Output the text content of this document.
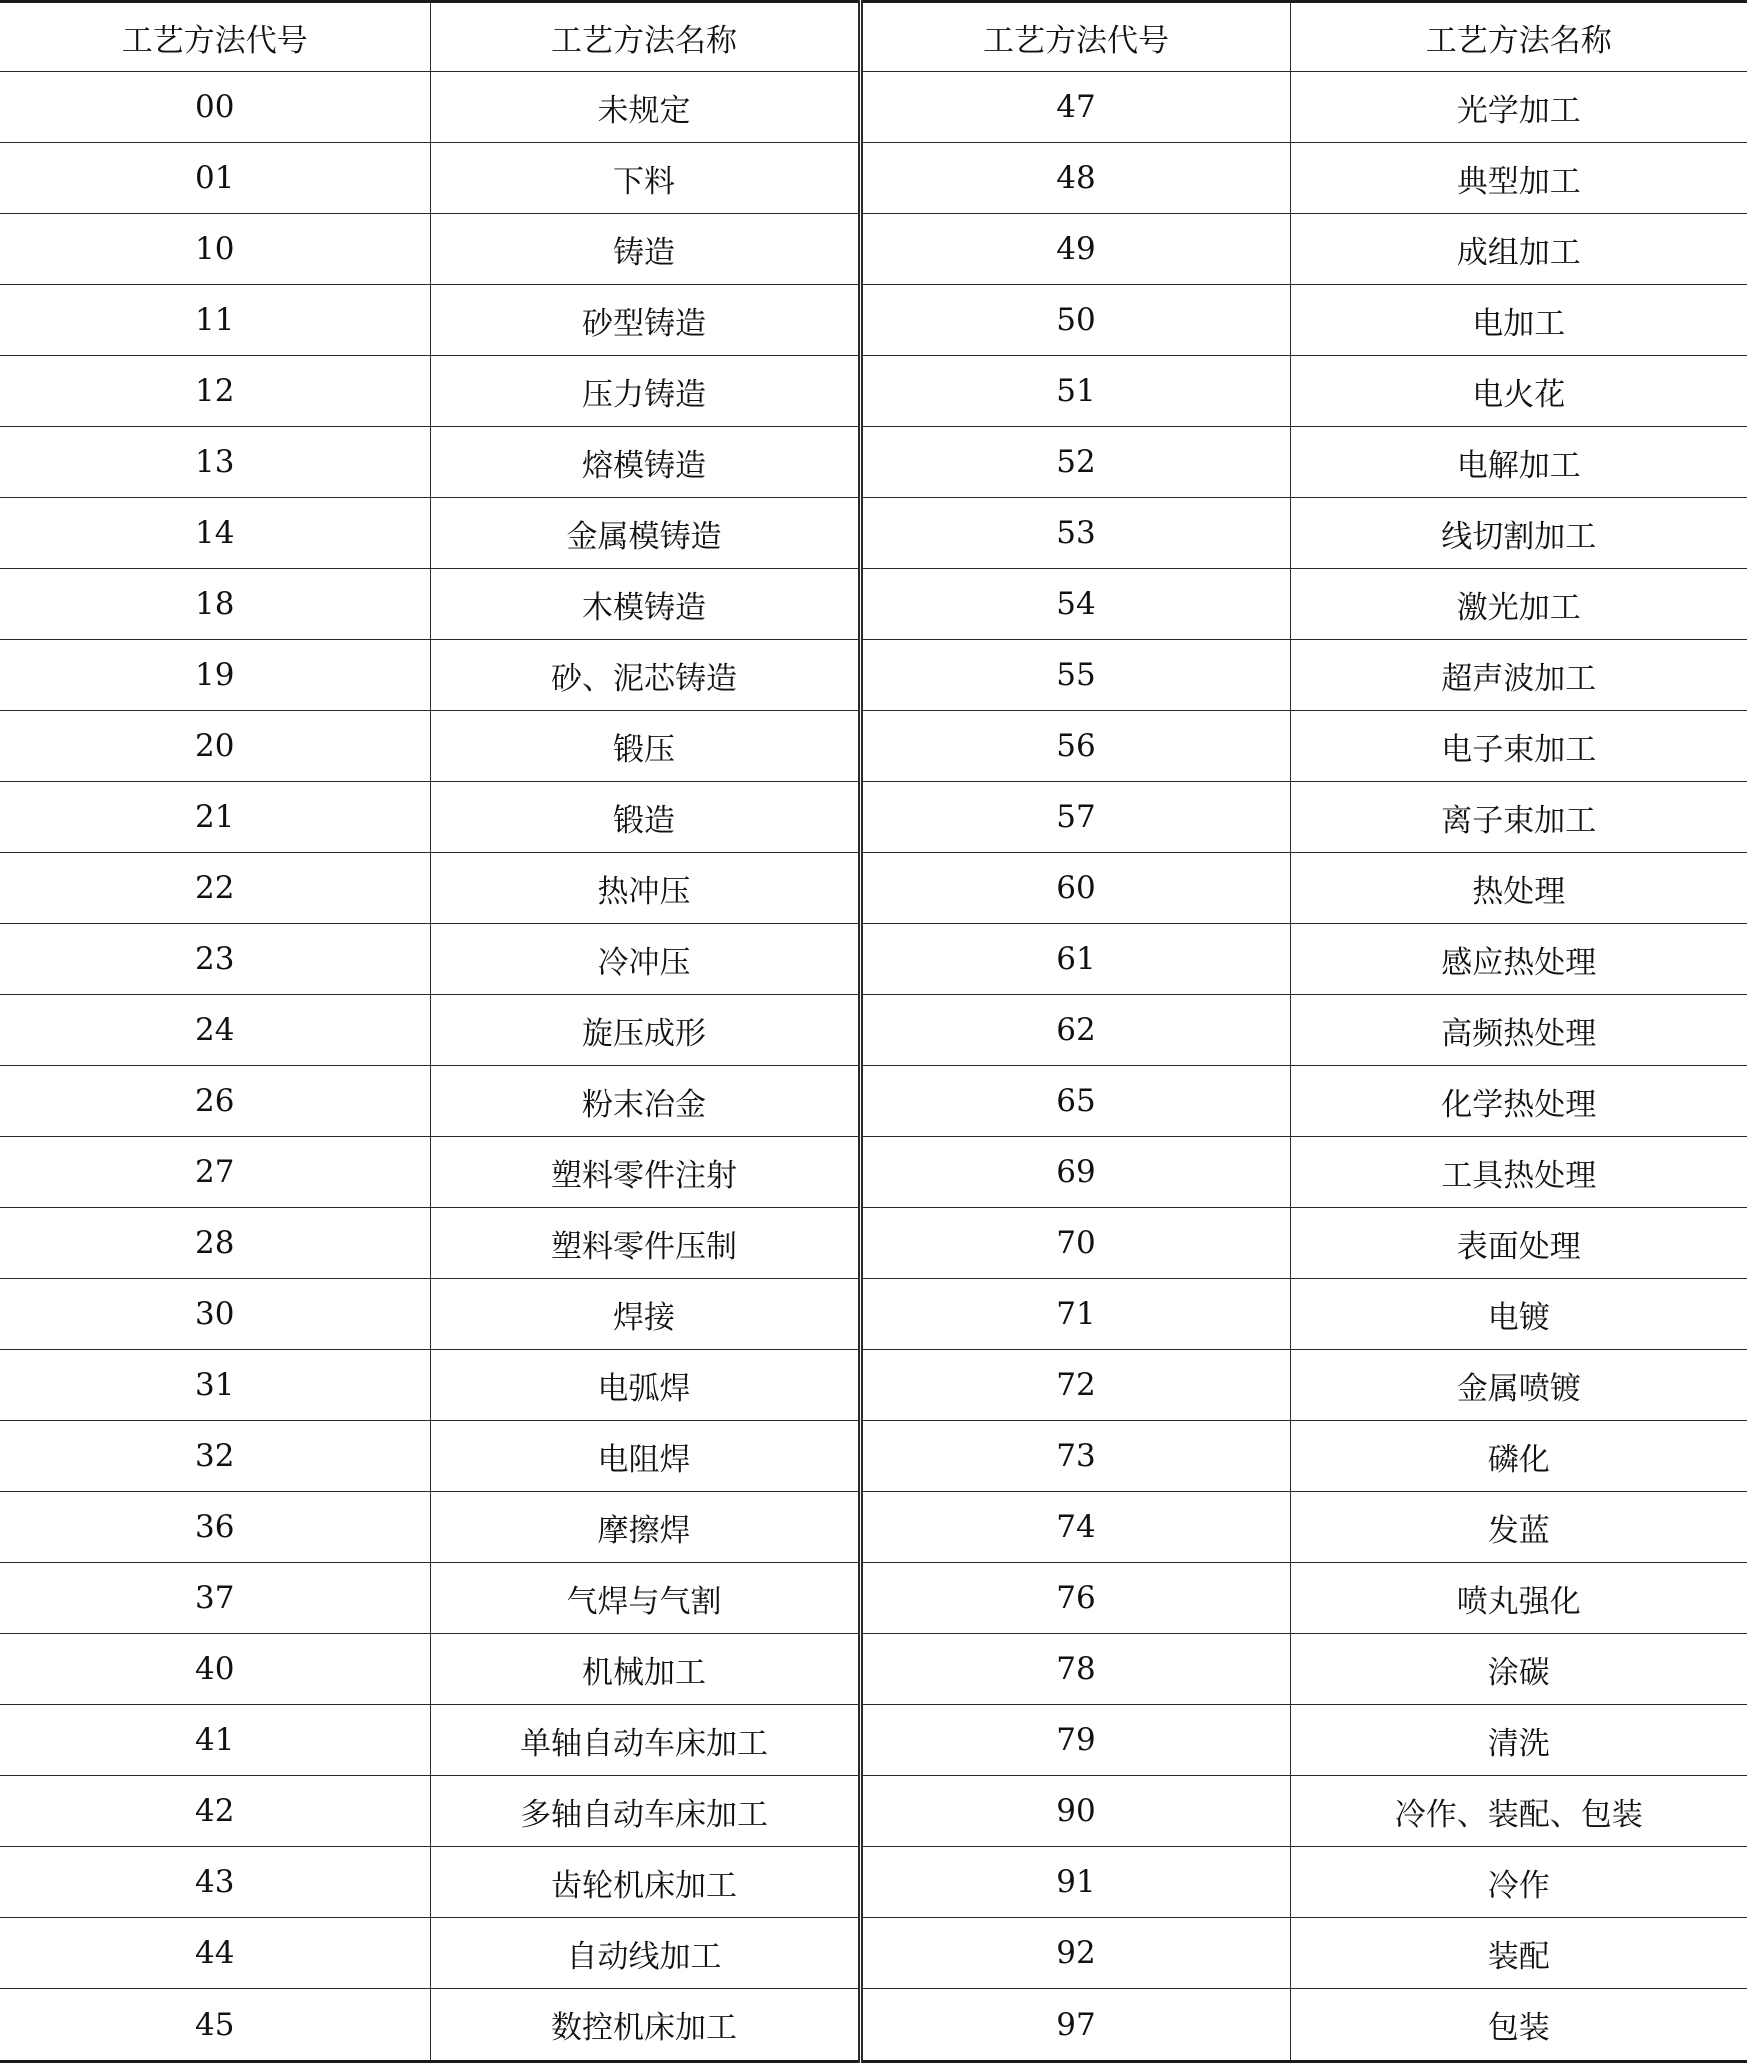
工艺方法代号	工艺方法名称	工艺方法代号	工艺方法名称
00	未规定	47	光学加工
01	下料	48	典型加工
10	铸造	49	成组加工
11	砂型铸造	50	电加工
12	压力铸造	51	电火花
13	熔模铸造	52	电解加工
14	金属模铸造	53	线切割加工
18	木模铸造	54	激光加工
19	砂、泥芯铸造	55	超声波加工
20	锻压	56	电子束加工
21	锻造	57	离子束加工
22	热冲压	60	热处理
23	冷冲压	61	感应热处理
24	旋压成形	62	高频热处理
26	粉末冶金	65	化学热处理
27	塑料零件注射	69	工具热处理
28	塑料零件压制	70	表面处理
30	焊接	71	电镀
31	电弧焊	72	金属喷镀
32	电阻焊	73	磷化
36	摩擦焊	74	发蓝
37	气焊与气割	76	喷丸强化
40	机械加工	78	涂碳
41	单轴自动车床加工	79	清洗
42	多轴自动车床加工	90	冷作、装配、包装
43	齿轮机床加工	91	冷作
44	自动线加工	92	装配
45	数控机床加工	97	包装
